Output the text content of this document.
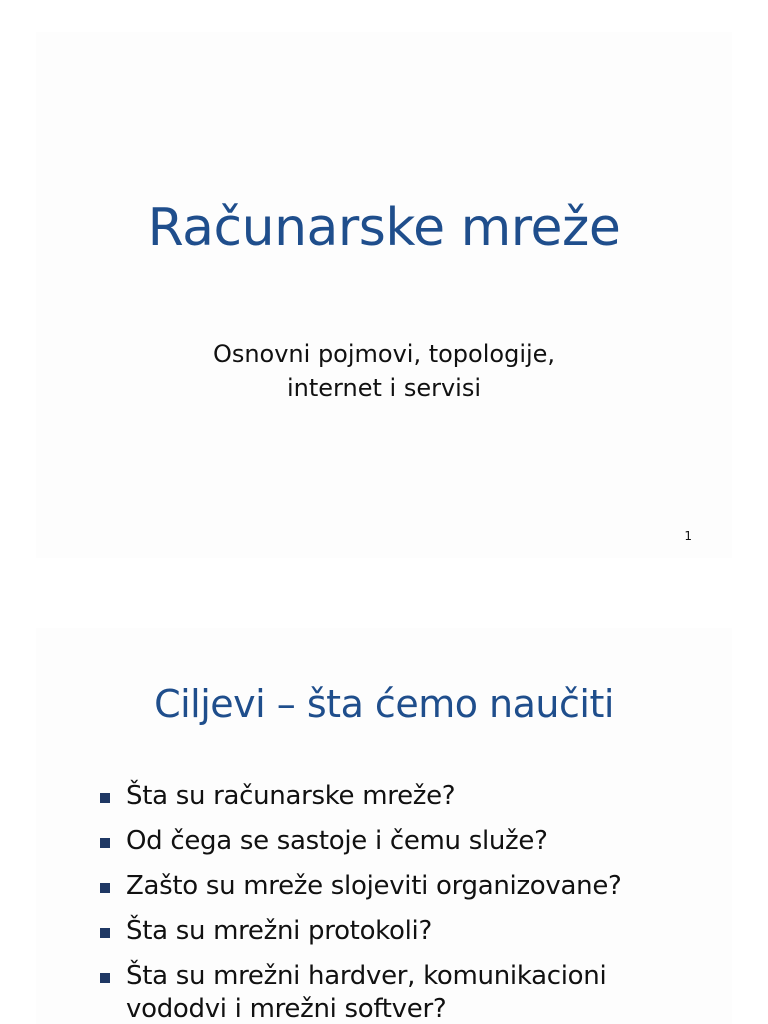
Računarske mreže
Osnovni pojmovi, topologije,
internet i servisi
1
Ciljevi – šta ćemo naučiti
Šta su računarske mreže?
Od čega se sastoje i čemu služe?
Zašto su mreže slojeviti organizovane?
Šta su mrežni protokoli?
Šta su mrežni hardver, komunikacioni vododvi i mrežni softver?
